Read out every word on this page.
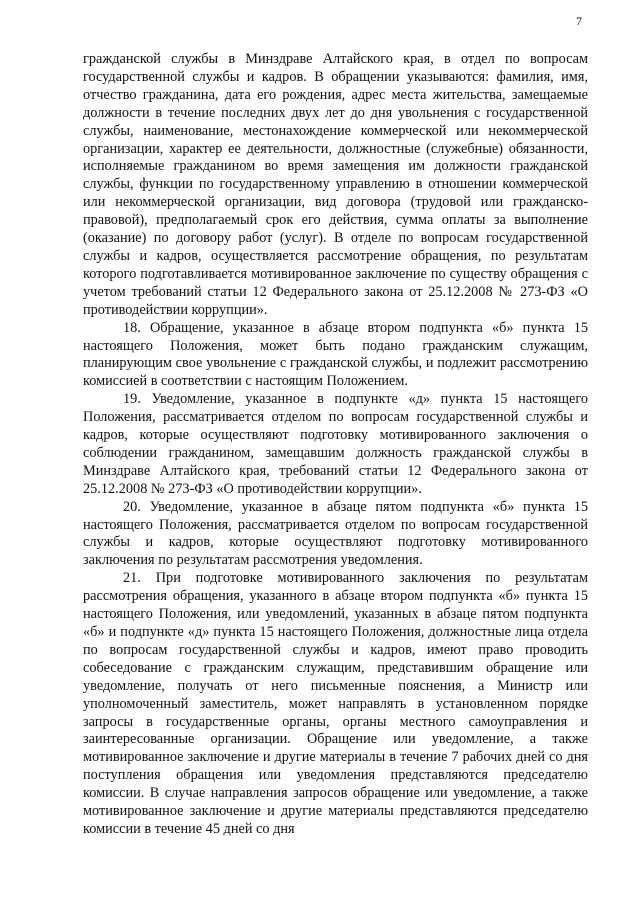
7

гражданской службы в Минздраве Алтайского края, в отдел по вопросам государственной службы и кадров. В обращении указываются: фамилия, имя, отчество гражданина, дата его рождения, адрес места жительства, замещаемые должности в течение последних двух лет до дня увольнения с государственной службы, наименование, местонахождение коммерческой или некоммерческой организации, характер ее деятельности, должностные (служебные) обязанности, исполняемые гражданином во время замещения им должности гражданской службы, функции по государственному управлению в отношении коммерческой или некоммерческой организации, вид договора (трудовой или гражданско-правовой), предполагаемый срок его действия, сумма оплаты за выполнение (оказание) по договору работ (услуг). В отделе по вопросам государственной службы и кадров, осуществляется рассмотрение обращения, по результатам которого подготавливается мотивированное заключение по существу обращения с учетом требований статьи 12 Федерального закона от 25.12.2008 № 273-ФЗ «О противодействии коррупции».

18. Обращение, указанное в абзаце втором подпункта «б» пункта 15 настоящего Положения, может быть подано гражданским служащим, планирующим свое увольнение с гражданской службы, и подлежит рассмотрению комиссией в соответствии с настоящим Положением.

19. Уведомление, указанное в подпункте «д» пункта 15 настоящего Положения, рассматривается отделом по вопросам государственной службы и кадров, которые осуществляют подготовку мотивированного заключения о соблюдении гражданином, замещавшим должность гражданской службы в Минздраве Алтайского края, требований статьи 12 Федерального закона от 25.12.2008 № 273-ФЗ «О противодействии коррупции».

20. Уведомление, указанное в абзаце пятом подпункта «б» пункта 15 настоящего Положения, рассматривается отделом по вопросам государственной службы и кадров, которые осуществляют подготовку мотивированного заключения по результатам рассмотрения уведомления.

21. При подготовке мотивированного заключения по результатам рассмотрения обращения, указанного в абзаце втором подпункта «б» пункта 15 настоящего Положения, или уведомлений, указанных в абзаце пятом подпункта «б» и подпункте «д» пункта 15 настоящего Положения, должностные лица отдела по вопросам государственной службы и кадров, имеют право проводить собеседование с гражданским служащим, представившим обращение или уведомление, получать от него письменные пояснения, а Министр или уполномоченный заместитель, может направлять в установленном порядке запросы в государственные органы, органы местного самоуправления и заинтересованные организации. Обращение или уведомление, а также мотивированное заключение и другие материалы в течение 7 рабочих дней со дня поступления обращения или уведомления представляются председателю комиссии. В случае направления запросов обращение или уведомление, а также мотивированное заключение и другие материалы представляются председателю комиссии в течение 45 дней со дня
